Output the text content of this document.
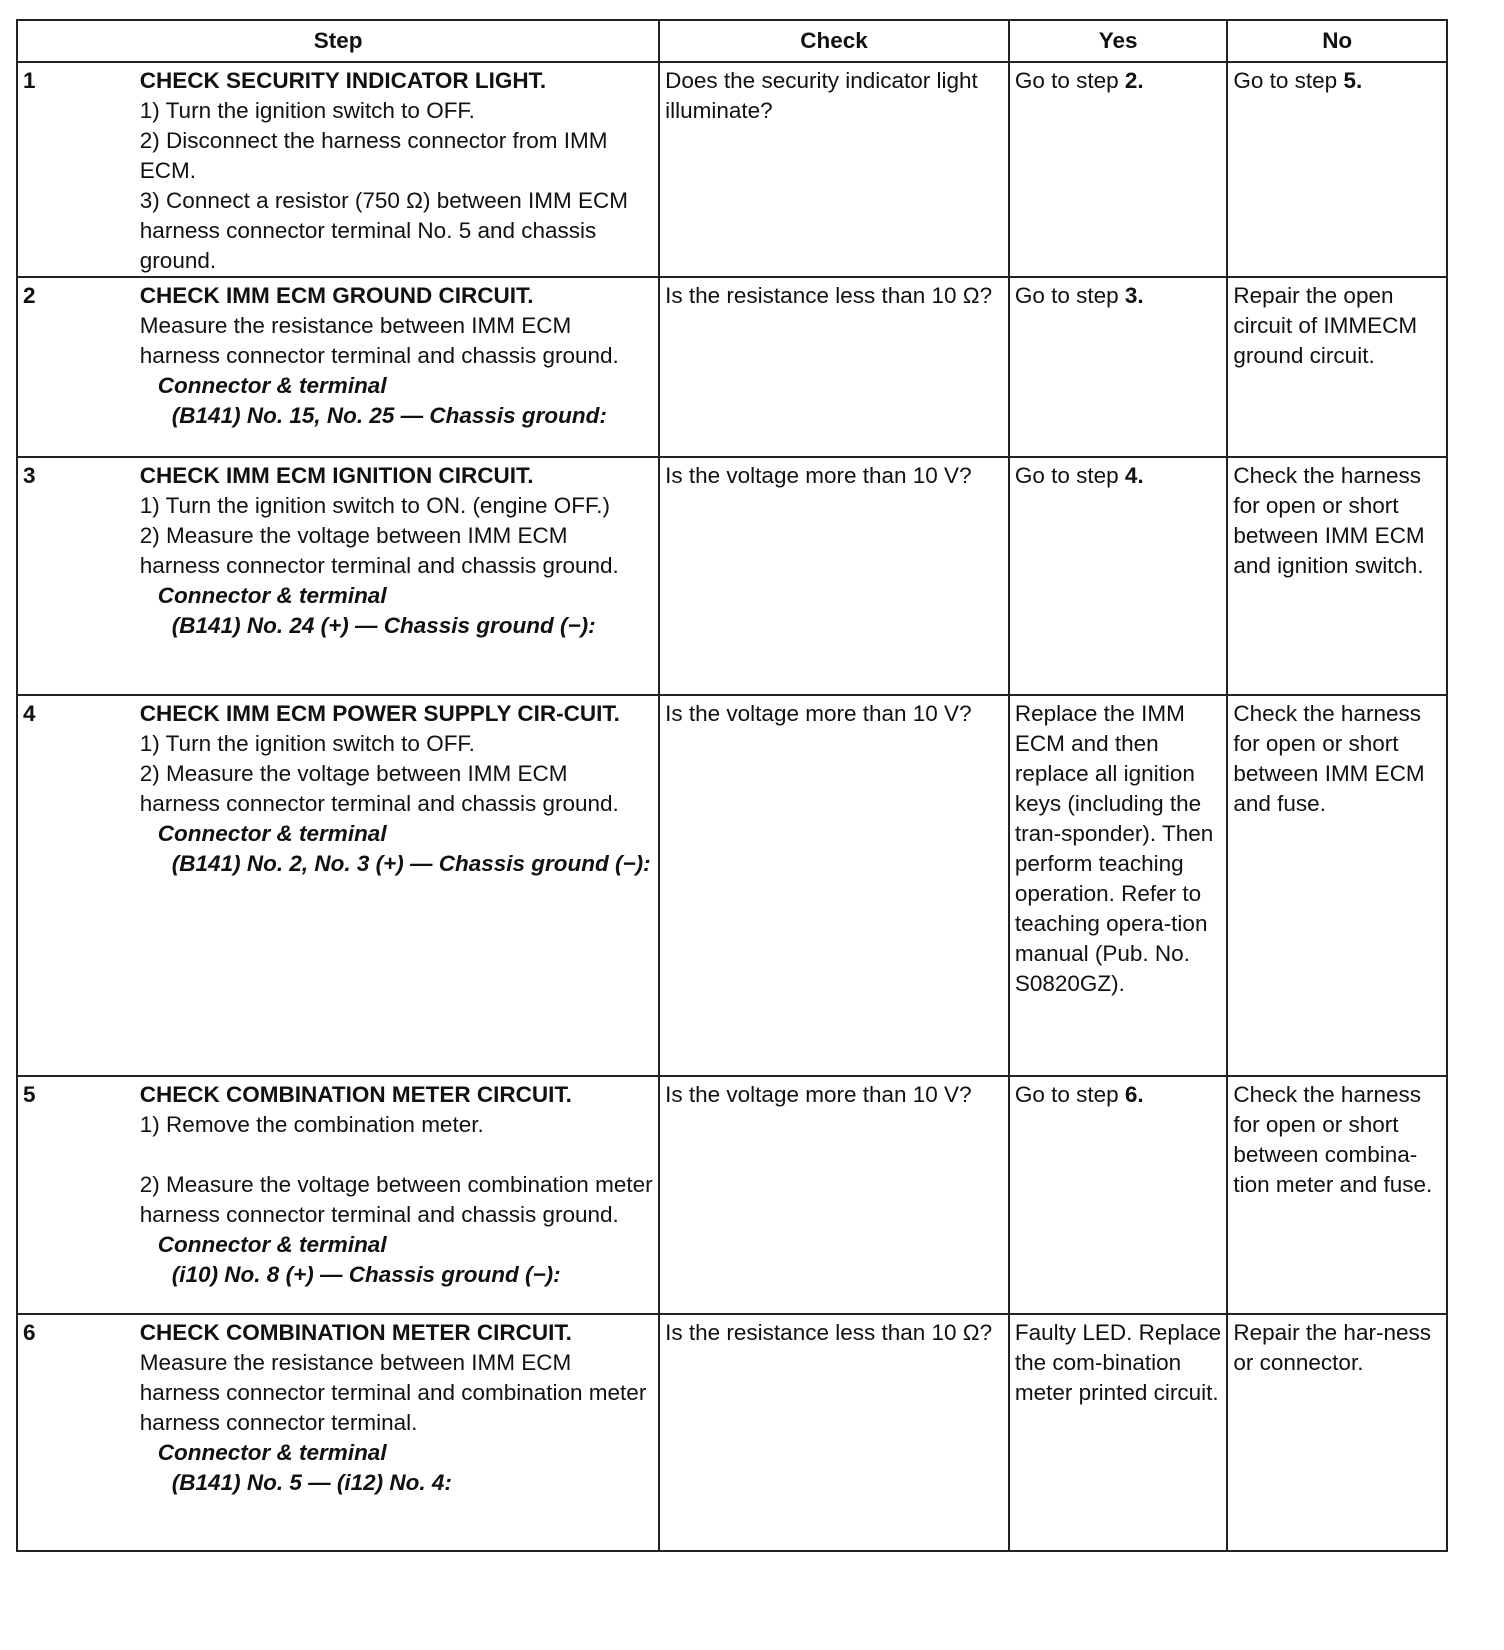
Step		Check	Yes	No
1	CHECK SECURITY INDICATOR LIGHT.
1) Turn the ignition switch to OFF.
2) Disconnect the harness connector from IMM ECM.
3) Connect a resistor (750 Ω) between IMM ECM harness connector terminal No. 5 and chassis ground.	Does the security indicator light illuminate?	Go to step 2.	Go to step 5.
2	CHECK IMM ECM GROUND CIRCUIT.
Measure the resistance between IMM ECM harness connector terminal and chassis ground.
Connector & terminal
(B141) No. 15, No. 25 — Chassis ground:	Is the resistance less than 10 Ω?	Go to step 3.	Repair the open circuit of IMMECM ground circuit.
3	CHECK IMM ECM IGNITION CIRCUIT.
1) Turn the ignition switch to ON. (engine OFF.)
2) Measure the voltage between IMM ECM harness connector terminal and chassis ground.
Connector & terminal
(B141) No. 24 (+) — Chassis ground (−):	Is the voltage more than 10 V?	Go to step 4.	Check the harness for open or short between IMM ECM and ignition switch.
4	CHECK IMM ECM POWER SUPPLY CIR-CUIT.
1) Turn the ignition switch to OFF.
2) Measure the voltage between IMM ECM harness connector terminal and chassis ground.
Connector & terminal
(B141) No. 2, No. 3 (+) — Chassis ground (−):	Is the voltage more than 10 V?	Replace the IMM ECM and then replace all ignition keys (including the tran-sponder). Then perform teaching operation. Refer to teaching opera-tion manual (Pub. No. S0820GZ).	Check the harness for open or short between IMM ECM and fuse.
5	CHECK COMBINATION METER CIRCUIT.
1) Remove the combination meter.
2) Measure the voltage between combination meter harness connector terminal and chassis ground.
Connector & terminal
(i10) No. 8 (+) — Chassis ground (−):	Is the voltage more than 10 V?	Go to step 6.	Check the harness for open or short between combina-tion meter and fuse.
6	CHECK COMBINATION METER CIRCUIT.
Measure the resistance between IMM ECM harness connector terminal and combination meter harness connector terminal.
Connector & terminal
(B141) No. 5 — (i12) No. 4:	Is the resistance less than 10 Ω?	Faulty LED. Replace the com-bination meter printed circuit.	Repair the har-ness or connector.
